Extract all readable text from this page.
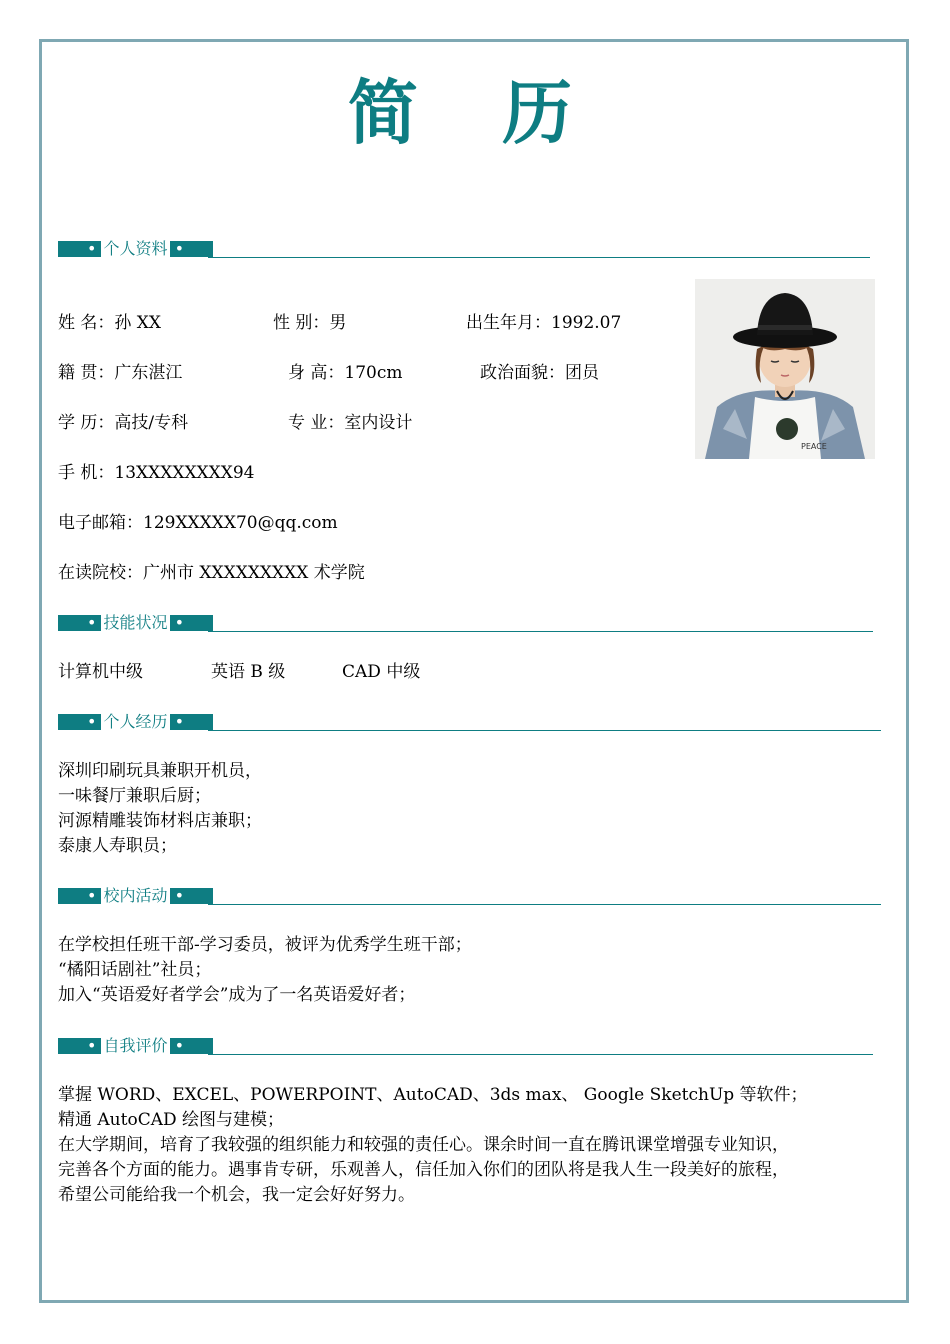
简 历
• 个人资料 •
姓 名：孙 XX	性 别：男	出生年月：1992.07
籍 贯：广东湛江	身 高：170cm	政治面貌：团员
学 历：高技/专科	专 业：室内设计
手 机：13XXXXXXXX94
电子邮箱：129XXXXX70@qq.com
在读院校：广州市 XXXXXXXXX 术学院
PEACE
• 技能状况 •
计算机中级	英语 B 级	CAD 中级
• 个人经历 •
深圳印刷玩具兼职开机员，
一味餐厅兼职后厨；
河源精雕装饰材料店兼职；
泰康人寿职员；
• 校内活动 •
在学校担任班干部-学习委员，被评为优秀学生班干部；
“橘阳话剧社”社员；
加入“英语爱好者学会”成为了一名英语爱好者；
• 自我评价 •
掌握 WORD、EXCEL、POWERPOINT、AutoCAD、3ds max、 Google SketchUp 等软件；
精通 AutoCAD 绘图与建模；
在大学期间，培育了我较强的组织能力和较强的责任心。课余时间一直在腾讯课堂增强专业知识，
完善各个方面的能力。遇事肯专研，乐观善人，信任加入你们的团队将是我人生一段美好的旅程，
希望公司能给我一个机会，我一定会好好努力。
